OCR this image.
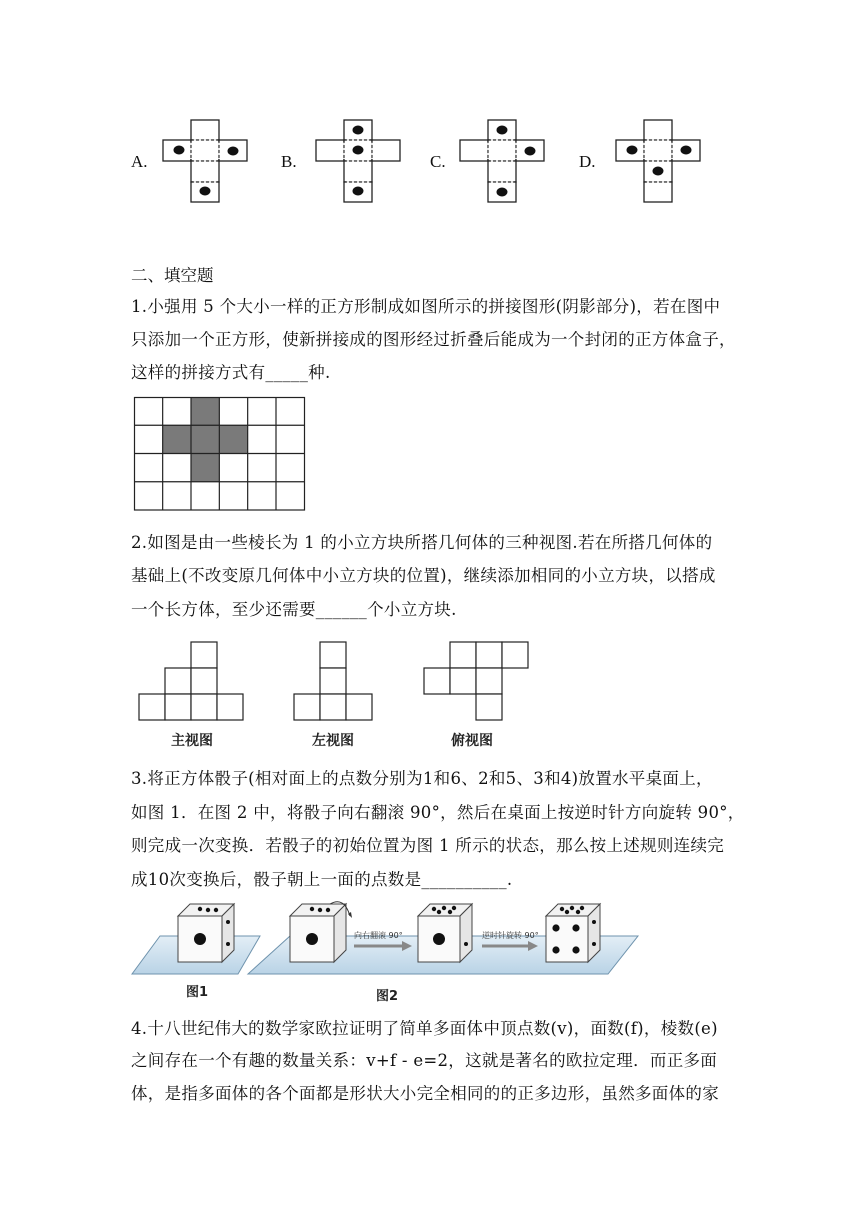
A.	B.	C.	D.
二、填空题
1.小强用 5 个大小一样的正方形制成如图所示的拼接图形(阴影部分)，若在图中
只添加一个正方形，使新拼接成的图形经过折叠后能成为一个封闭的正方体盒子，
这样的拼接方式有_____种.
2.如图是由一些棱长为 1 的小立方块所搭几何体的三种视图.若在所搭几何体的
基础上(不改变原几何体中小立方块的位置)，继续添加相同的小立方块，以搭成
一个长方体，至少还需要______个小立方块.
主视图	左视图	俯视图
3.将正方体骰子(相对面上的点数分别为1和6、2和5、3和4)放置水平桌面上，
如图 1．在图 2 中，将骰子向右翻滚 90°，然后在桌面上按逆时针方向旋转 90°，
则完成一次变换．若骰子的初始位置为图 1 所示的状态，那么按上述规则连续完
成10次变换后，骰子朝上一面的点数是__________.
向右翻滚 90°	逆时针旋转 90°
图1	图2
4.十八世纪伟大的数学家欧拉证明了简单多面体中顶点数(v)，面数(f)，棱数(e)
之间存在一个有趣的数量关系：v+f - e=2，这就是著名的欧拉定理．而正多面
体，是指多面体的各个面都是形状大小完全相同的的正多边形，虽然多面体的家
